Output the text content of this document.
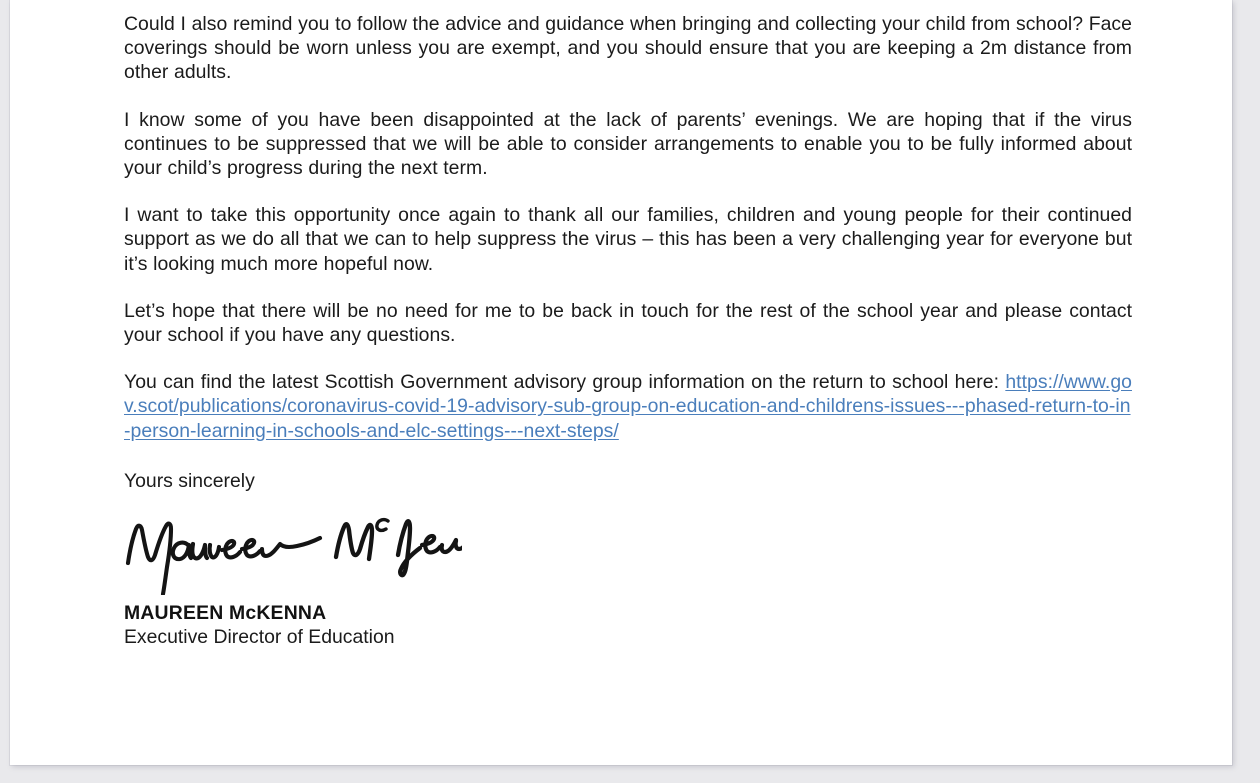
Could I also remind you to follow the advice and guidance when bringing and collecting your child from school? Face coverings should be worn unless you are exempt, and you should ensure that you are keeping a 2m distance from other adults.

I know some of you have been disappointed at the lack of parents’ evenings. We are hoping that if the virus continues to be suppressed that we will be able to consider arrangements to enable you to be fully informed about your child’s progress during the next term.

I want to take this opportunity once again to thank all our families, children and young people for their continued support as we do all that we can to help suppress the virus – this has been a very challenging year for everyone but it’s looking much more hopeful now.

Let’s hope that there will be no need for me to be back in touch for the rest of the school year and please contact your school if you have any questions.

You can find the latest Scottish Government advisory group information on the return to school here: https://www.gov.scot/publications/coronavirus-covid-19-advisory-sub-group-on-education-and-childrens-issues---phased-return-to-in-person-learning-in-schools-and-elc-settings---next-steps/

Yours sincerely

MAUREEN McKENNA

Executive Director of Education
